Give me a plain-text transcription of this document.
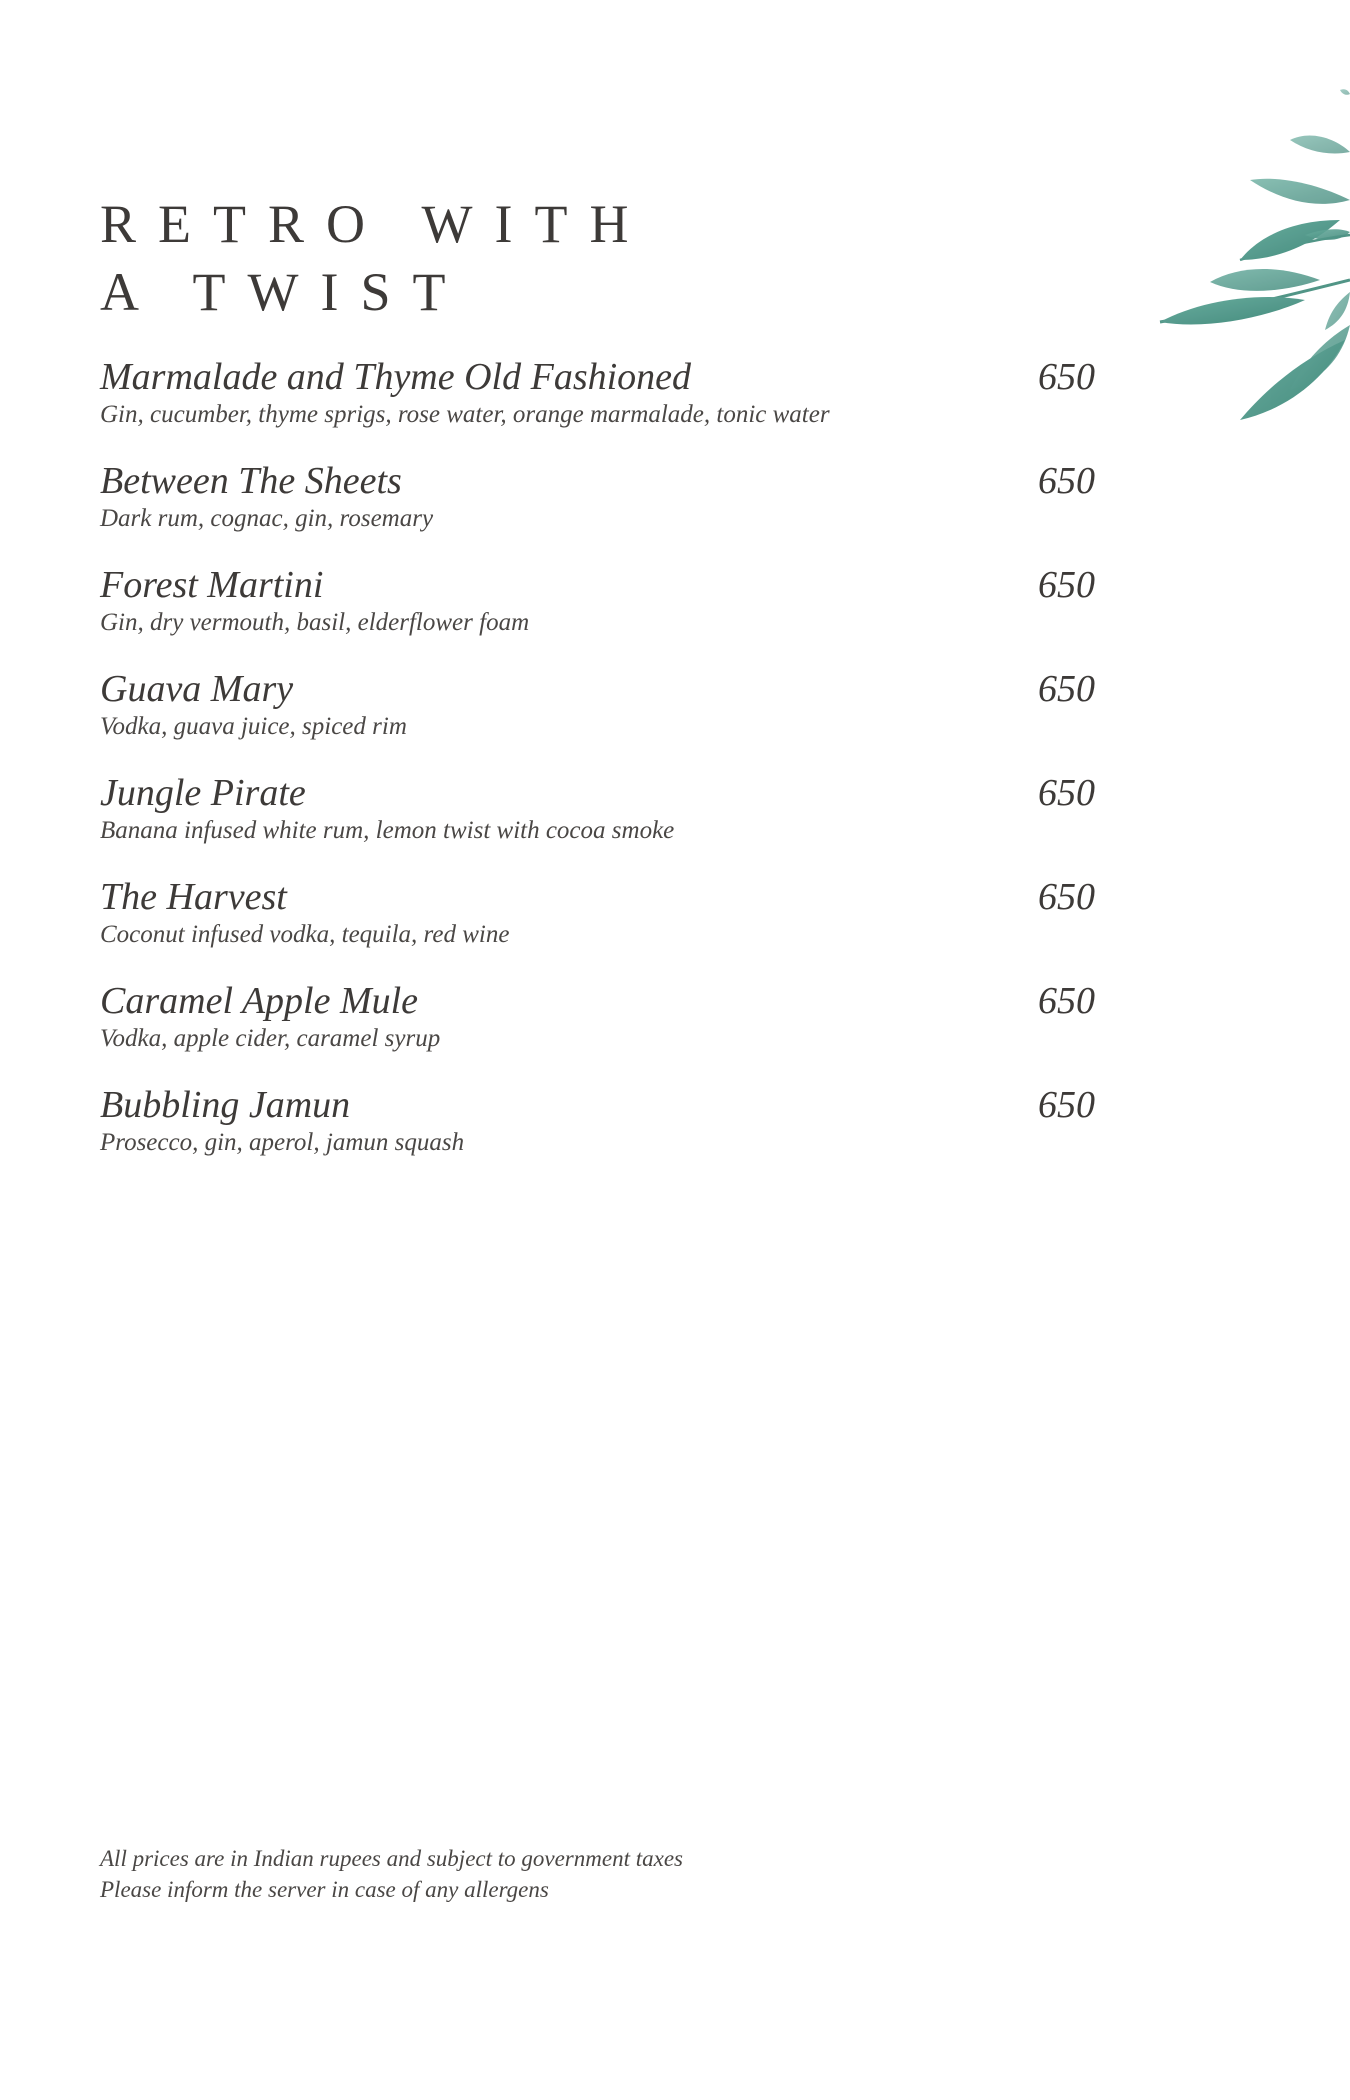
RETRO WITH
A TWIST
Marmalade and Thyme Old Fashioned	650
Gin, cucumber, thyme sprigs, rose water, orange marmalade, tonic water
Between The Sheets	650
Dark rum, cognac, gin, rosemary
Forest Martini	650
Gin, dry vermouth, basil, elderflower foam
Guava Mary	650
Vodka, guava juice, spiced rim
Jungle Pirate	650
Banana infused white rum, lemon twist with cocoa smoke
The Harvest	650
Coconut infused vodka, tequila, red wine
Caramel Apple Mule	650
Vodka, apple cider, caramel syrup
Bubbling Jamun	650
Prosecco, gin, aperol, jamun squash
All prices are in Indian rupees and subject to government taxes
Please inform the server in case of any allergens
